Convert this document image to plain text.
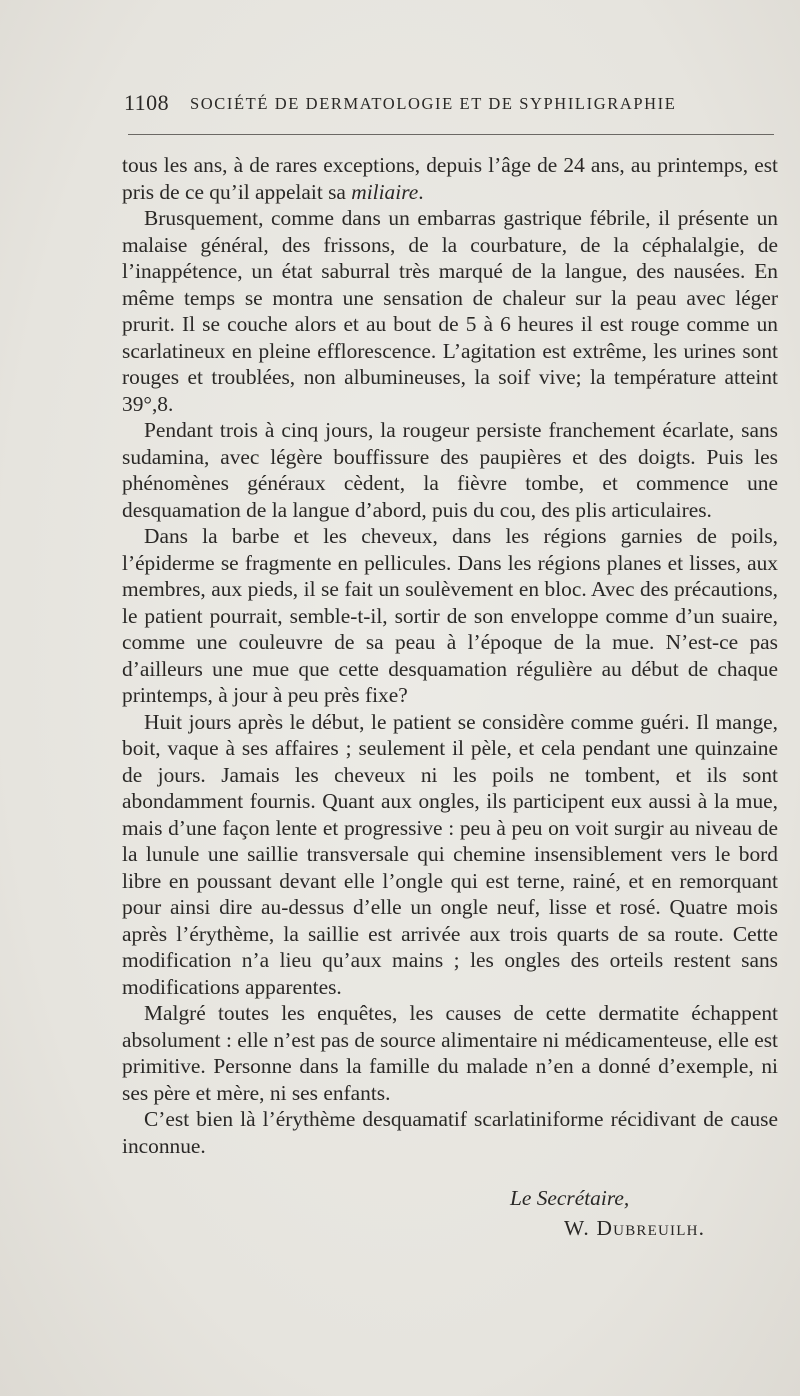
1108 SOCIÉTÉ DE DERMATOLOGIE ET DE SYPHILIGRAPHIE

tous les ans, à de rares exceptions, depuis l’âge de 24 ans, au printemps, est pris de ce qu’il appelait sa miliaire.

Brusquement, comme dans un embarras gastrique fébrile, il présente un malaise général, des frissons, de la courbature, de la céphalalgie, de l’inappétence, un état saburral très marqué de la langue, des nausées. En même temps se montra une sensation de chaleur sur la peau avec léger prurit. Il se couche alors et au bout de 5 à 6 heures il est rouge comme un scarlatineux en pleine efflorescence. L’agitation est extrême, les urines sont rouges et troublées, non albumineuses, la soif vive; la température atteint 39°,8.

Pendant trois à cinq jours, la rougeur persiste franchement écarlate, sans sudamina, avec légère bouffissure des paupières et des doigts. Puis les phénomènes généraux cèdent, la fièvre tombe, et commence une desquamation de la langue d’abord, puis du cou, des plis articulaires.

Dans la barbe et les cheveux, dans les régions garnies de poils, l’épiderme se fragmente en pellicules. Dans les régions planes et lisses, aux membres, aux pieds, il se fait un soulèvement en bloc. Avec des précautions, le patient pourrait, semble-t-il, sortir de son enveloppe comme d’un suaire, comme une couleuvre de sa peau à l’époque de la mue. N’est-ce pas d’ailleurs une mue que cette desquamation régulière au début de chaque printemps, à jour à peu près fixe?

Huit jours après le début, le patient se considère comme guéri. Il mange, boit, vaque à ses affaires ; seulement il pèle, et cela pendant une quinzaine de jours. Jamais les cheveux ni les poils ne tombent, et ils sont abondamment fournis. Quant aux ongles, ils participent eux aussi à la mue, mais d’une façon lente et progressive : peu à peu on voit surgir au niveau de la lunule une saillie transversale qui chemine insensiblement vers le bord libre en poussant devant elle l’ongle qui est terne, rainé, et en remorquant pour ainsi dire au-dessus d’elle un ongle neuf, lisse et rosé. Quatre mois après l’érythème, la saillie est arrivée aux trois quarts de sa route. Cette modification n’a lieu qu’aux mains ; les ongles des orteils restent sans modifications apparentes.

Malgré toutes les enquêtes, les causes de cette dermatite échappent absolument : elle n’est pas de source alimentaire ni médicamenteuse, elle est primitive. Personne dans la famille du malade n’en a donné d’exemple, ni ses père et mère, ni ses enfants.

C’est bien là l’érythème desquamatif scarlatiniforme récidivant de cause inconnue.

Le Secrétaire,
W. Dubreuilh.
